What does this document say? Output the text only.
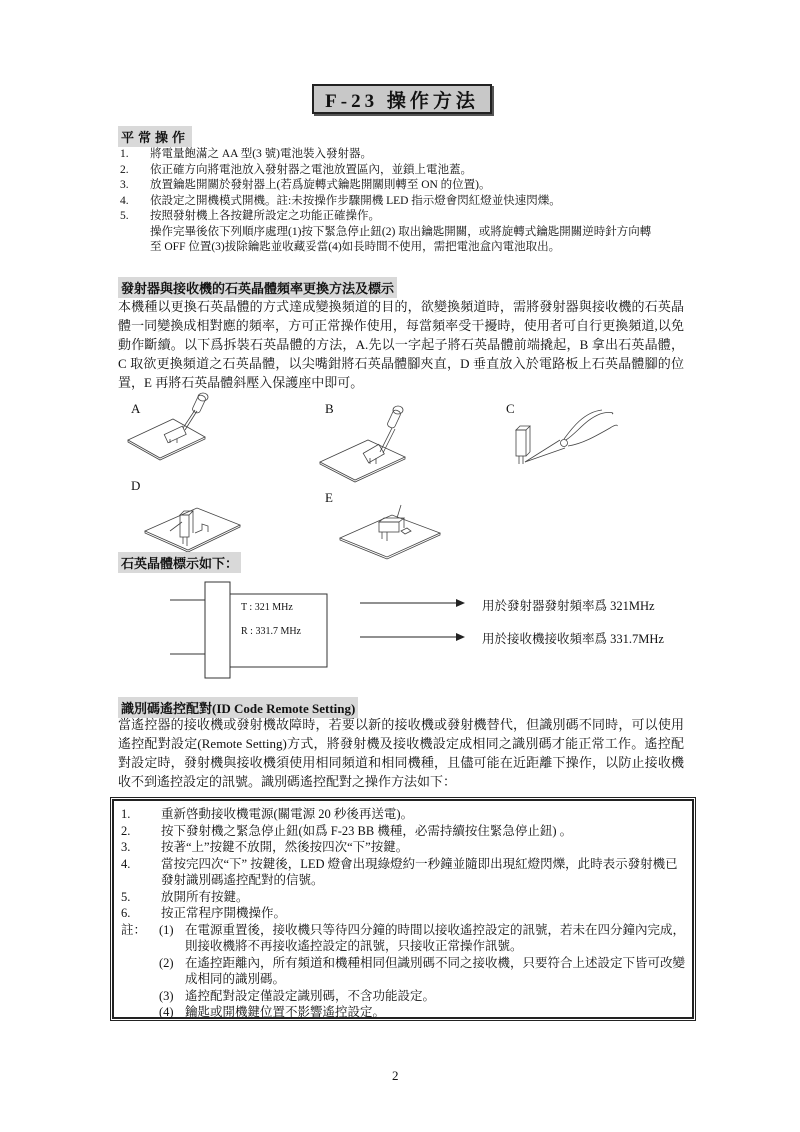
F-23 操作方法
平常操作
1.	將電量飽滿之 AA 型(3 號)電池裝入發射器。
2.	依正確方向將電池放入發射器之電池放置區內，並鎖上電池蓋。
3.	放置鑰匙開關於發射器上(若爲旋轉式鑰匙開關則轉至 ON 的位置)。
4.	依設定之開機模式開機。註:未按操作步驟開機 LED 指示燈會閃紅燈並快速閃爍。
5.	按照發射機上各按鍵所設定之功能正確操作。
操作完畢後依下列順序處理(1)按下緊急停止鈕(2) 取出鑰匙開關，或將旋轉式鑰匙開關逆時針方向轉
至 OFF 位置(3)拔除鑰匙並收藏妥當(4)如長時間不使用，需把電池盒內電池取出。
發射器與接收機的石英晶體頻率更換方法及標示
本機種以更換石英晶體的方式達成變換頻道的目的，欲變換頻道時，需將發射器與接收機的石英晶體一同變換成相對應的頻率，方可正常操作使用，每當頻率受干擾時，使用者可自行更換頻道,以免動作斷續。以下爲拆裝石英晶體的方法，A.先以一字起子將石英晶體前端撬起，B 拿出石英晶體，C 取欲更換頻道之石英晶體，以尖嘴鉗將石英晶體腳夾直，D 垂直放入於電路板上石英晶體腳的位置，E 再將石英晶體斜壓入保護座中即可。
A	B	C
D
E
石英晶體標示如下：
T : 321 MHz
R : 331.7 MHz
用於發射器發射頻率爲 321MHz
用於接收機接收頻率爲 331.7MHz
識別碼遙控配對(ID Code Remote Setting)
當遙控器的接收機或發射機故障時，若要以新的接收機或發射機替代，但識別碼不同時，可以使用遙控配對設定(Remote Setting)方式，將發射機及接收機設定成相同之識別碼才能正常工作。遙控配對設定時，發射機與接收機須使用相同頻道和相同機種，且儘可能在近距離下操作，以防止接收機收不到遙控設定的訊號。識別碼遙控配對之操作方法如下：
1.	重新啓動接收機電源(關電源 20 秒後再送電)。
2.	按下發射機之緊急停止鈕(如爲 F-23 BB 機種，必需持續按住緊急停止鈕) 。
3.	按著“上”按鍵不放開，然後按四次“下”按鍵。
4.	當按完四次“下” 按鍵後，LED 燈會出現綠燈約一秒鐘並隨即出現紅燈閃爍，此時表示發射機已發射識別碼遙控配對的信號。
5.	放開所有按鍵。
6.	按正常程序開機操作。
註：	(1) 在電源重置後，接收機只等待四分鐘的時間以接收遙控設定的訊號，若未在四分鐘內完成，則接收機將不再接收遙控設定的訊號，只接收正常操作訊號。
(2) 在遙控距離內，所有頻道和機種相同但識別碼不同之接收機，只要符合上述設定下皆可改變成相同的識別碼。
(3) 遙控配對設定僅設定識別碼，不含功能設定。
(4) 鑰匙或開機鍵位置不影響遙控設定。
2
